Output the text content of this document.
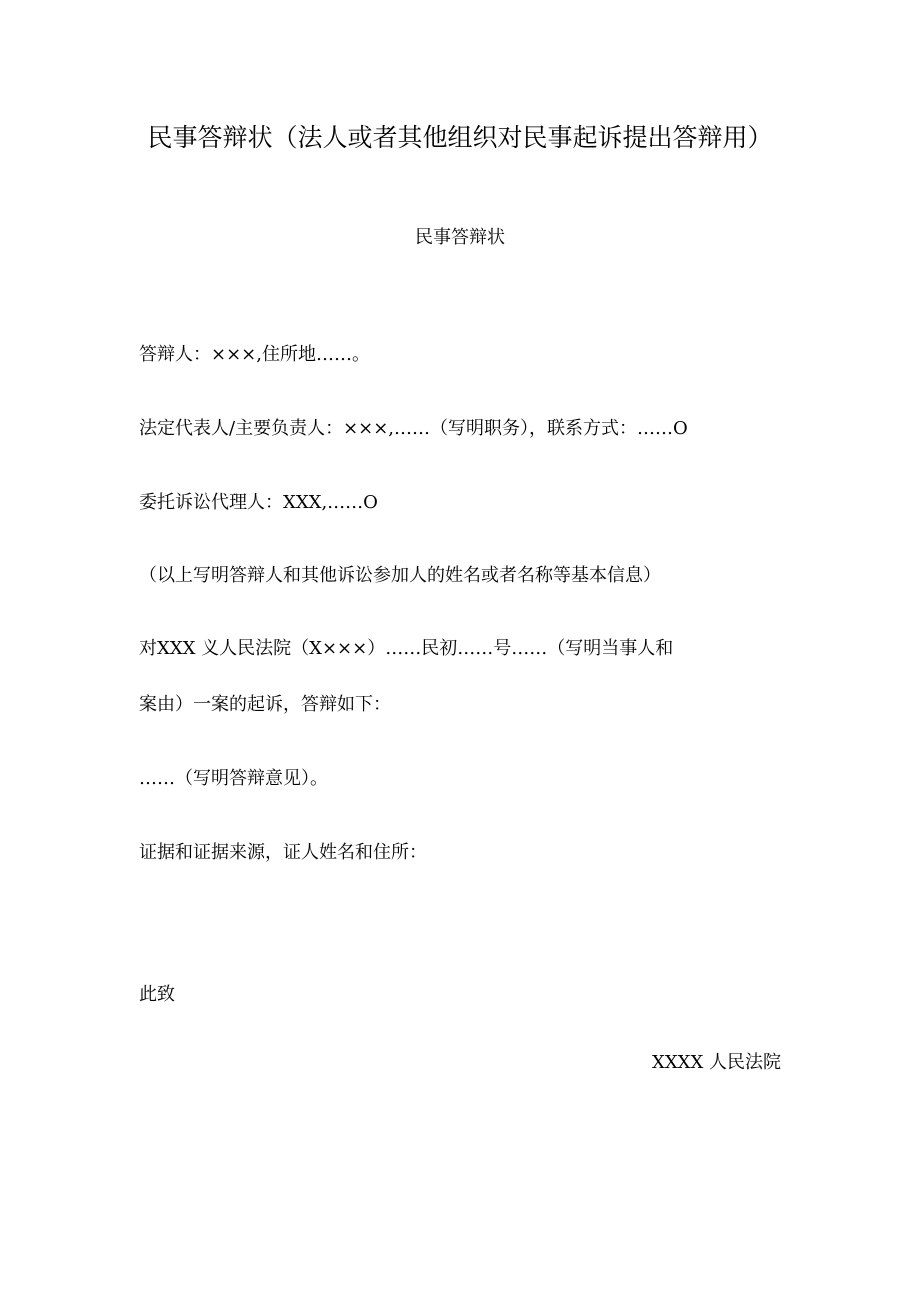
民事答辩状（法人或者其他组织对民事起诉提出答辩用）
民事答辩状
答辩人：×××,住所地……。
法定代表人/主要负责人：×××,……（写明职务），联系方式：……O
委托诉讼代理人：XXX,……O
（以上写明答辩人和其他诉讼参加人的姓名或者名称等基本信息）
对XXX 义人民法院（X×××）……民初……号……（写明当事人和
案由）一案的起诉，答辩如下：
……（写明答辩意见）。
证据和证据来源，证人姓名和住所：
此致
XXXX 人民法院
